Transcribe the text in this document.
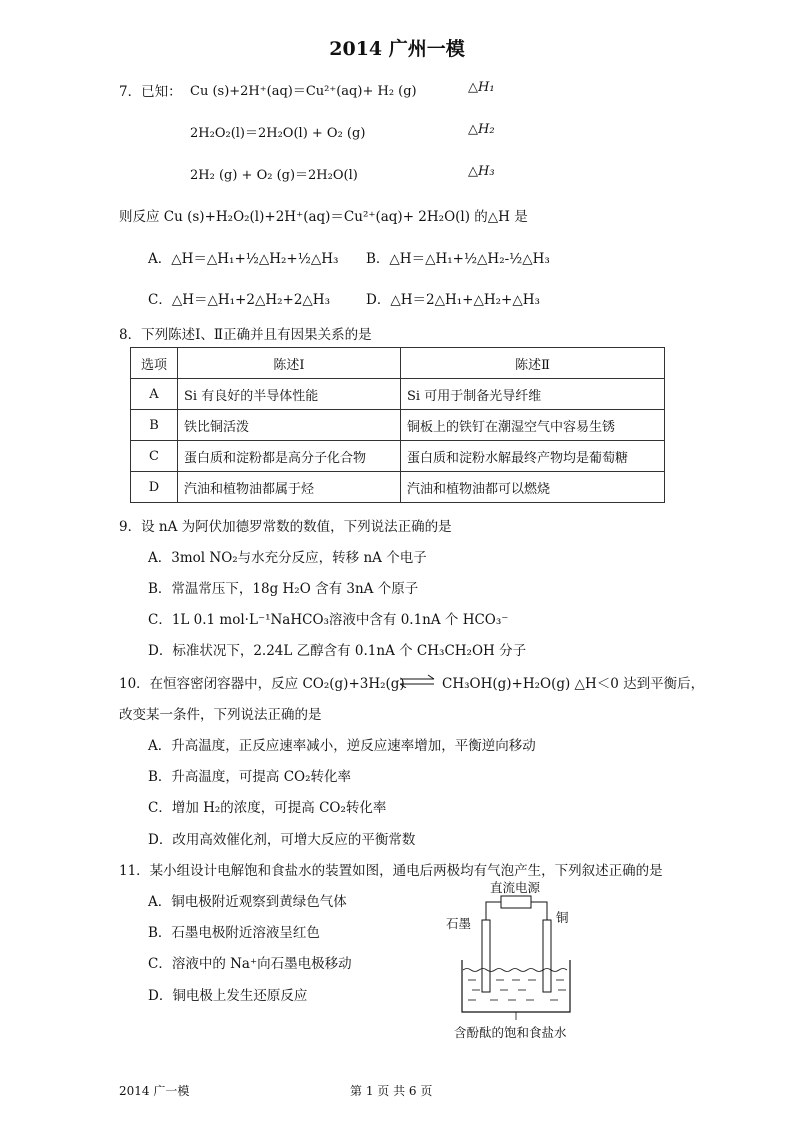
2014 广州一模
7．已知： Cu (s)+2H⁺(aq)＝Cu²⁺(aq)+ H₂ (g)	△H₁
2H₂O₂(l)＝2H₂O(l) + O₂ (g)	△H₂
2H₂ (g) + O₂ (g)＝2H₂O(l)	△H₃
则反应 Cu (s)+H₂O₂(l)+2H⁺(aq)＝Cu²⁺(aq)+ 2H₂O(l) 的△H 是
A．△H＝△H₁+½△H₂+½△H₃ B．△H＝△H₁+½△H₂-½△H₃
C．△H＝△H₁+2△H₂+2△H₃	D．△H＝2△H₁+△H₂+△H₃
8．下列陈述Ⅰ、Ⅱ正确并且有因果关系的是
选项	陈述Ⅰ	陈述Ⅱ
A	Si 有良好的半导体性能	Si 可用于制备光导纤维
B	铁比铜活泼	铜板上的铁钉在潮湿空气中容易生锈
C	蛋白质和淀粉都是高分子化合物	蛋白质和淀粉水解最终产物均是葡萄糖
D	汽油和植物油都属于烃	汽油和植物油都可以燃烧
9．设 nA 为阿伏加德罗常数的数值，下列说法正确的是
A．3mol NO₂与水充分反应，转移 nA 个电子
B．常温常压下，18g H₂O 含有 3nA 个原子
C．1L 0.1 mol·L⁻¹NaHCO₃溶液中含有 0.1nA 个 HCO₃⁻
D．标准状况下，2.24L 乙醇含有 0.1nA 个 CH₃CH₂OH 分子
10．在恒容密闭容器中，反应 CO₂(g)+3H₂(g) ⇌ CH₃OH(g)+H₂O(g) △H＜0 达到平衡后，
改变某一条件，下列说法正确的是
A．升高温度，正反应速率减小，逆反应速率增加，平衡逆向移动
B．升高温度，可提高 CO₂转化率
C．增加 H₂的浓度，可提高 CO₂转化率
D．改用高效催化剂，可增大反应的平衡常数
11．某小组设计电解饱和食盐水的装置如图，通电后两极均有气泡产生，下列叙述正确的是
A．铜电极附近观察到黄绿色气体
B．石墨电极附近溶液呈红色
C．溶液中的 Na⁺向石墨电极移动
D．铜电极上发生还原反应
直流电源
石墨	铜
含酚酞的饱和食盐水
2014 广一模	第 1 页 共 6 页
